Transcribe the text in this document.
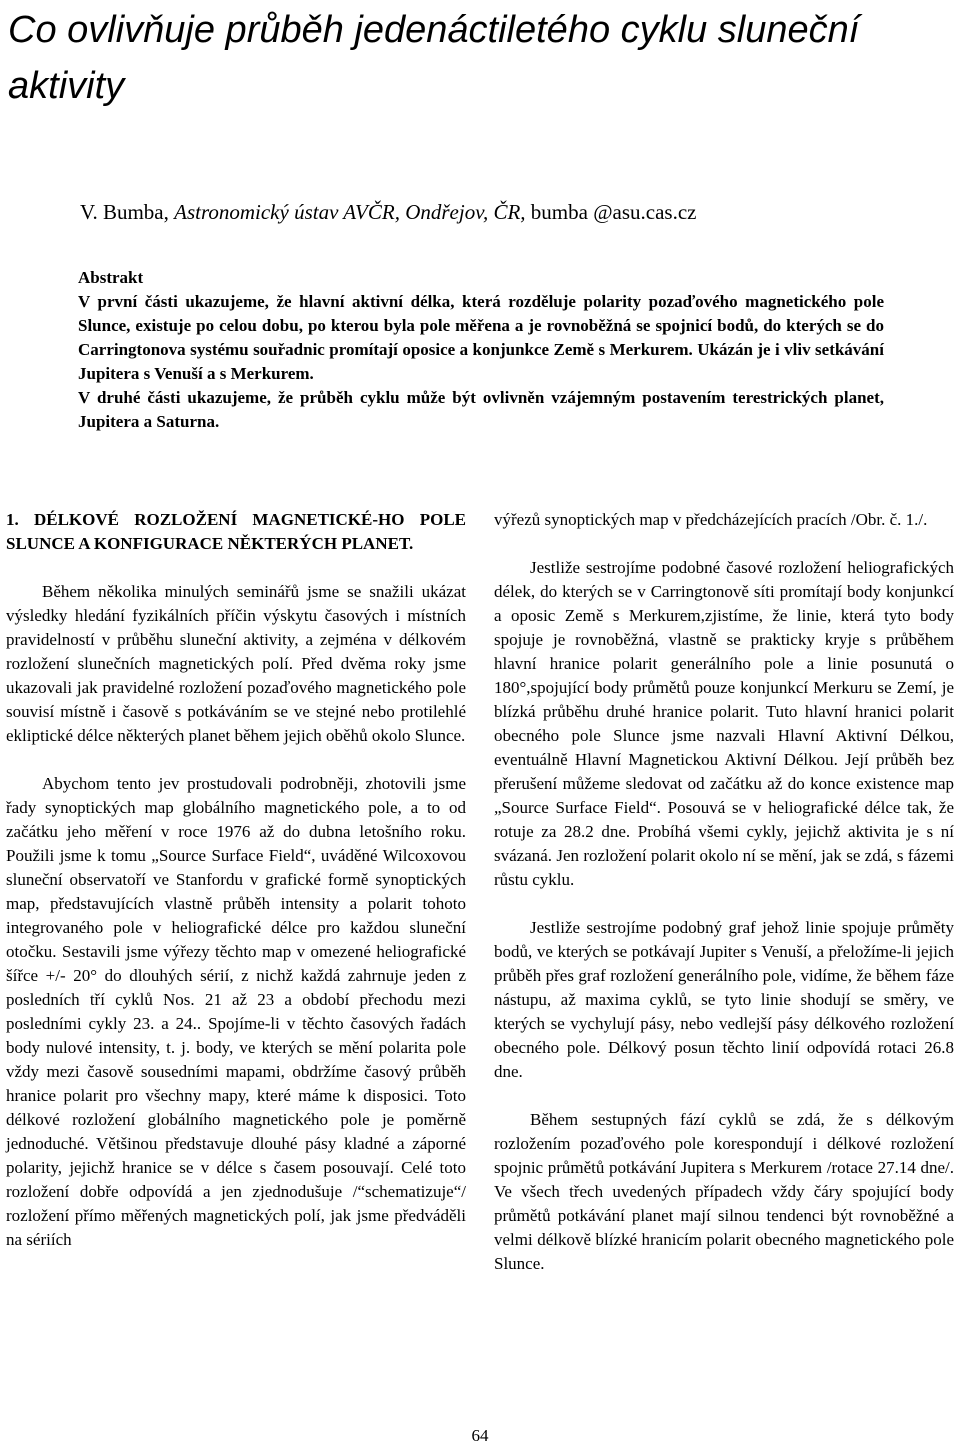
Co ovlivňuje průběh jedenáctiletého cyklu sluneční aktivity

V. Bumba, Astronomický ústav AVČR, Ondřejov, ČR, bumba @asu.cas.cz

Abstrakt

V první části ukazujeme, že hlavní aktivní délka, která rozděluje polarity pozaďového magnetického pole Slunce, existuje po celou dobu, po kterou byla pole měřena a je rovnoběžná se spojnicí bodů, do kterých se do Carringtonova systému souřadnic promítají oposice a konjunkce Země s Merkurem. Ukázán je i vliv setkávání Jupitera s Venuší a s Merkurem.

V druhé části ukazujeme, že průběh cyklu může být ovlivněn vzájemným postavením terestrických planet, Jupitera a Saturna.

1. DÉLKOVÉ ROZLOŽENÍ MAGNETICKÉ-HO POLE SLUNCE A KONFIGURACE NĚKTERÝCH PLANET.

Během několika minulých seminářů jsme se snažili ukázat výsledky hledání fyzikálních příčin výskytu časových i místních pravidelností v průběhu sluneční aktivity, a zejména v délkovém rozložení slunečních magnetických polí. Před dvěma roky jsme ukazovali jak pravidelné rozložení pozaďového magnetického pole souvisí místně i časově s potkáváním se ve stejné nebo protilehlé ekliptické délce některých planet během jejich oběhů okolo Slunce.

Abychom tento jev prostudovali podrobněji, zhotovili jsme řady synoptických map globálního magnetického pole, a to od začátku jeho měření v roce 1976 až do dubna letošního roku. Použili jsme k tomu „Source Surface Field“, uváděné Wilcoxovou sluneční observatoří ve Stanfordu v grafické formě synoptických map, představujících vlastně průběh intensity a polarit tohoto integrovaného pole v heliografické délce pro každou sluneční otočku. Sestavili jsme výřezy těchto map v omezené heliografické šířce +/- 20° do dlouhých sérií, z nichž každá zahrnuje jeden z posledních tří cyklů Nos. 21 až 23 a období přechodu mezi posledními cykly 23. a 24.. Spojíme-li v těchto časových řadách body nulové intensity, t. j. body, ve kterých se mění polarita pole vždy mezi časově sousedními mapami, obdržíme časový průběh hranice polarit pro všechny mapy, které máme k disposici. Toto délkové rozložení globálního magnetického pole je poměrně jednoduché. Většinou představuje dlouhé pásy kladné a záporné polarity, jejichž hranice se v délce s časem posouvají. Celé toto rozložení dobře odpovídá a jen zjednodušuje /“schematizuje“/ rozložení přímo měřených magnetických polí, jak jsme předváděli na sériích

výřezů synoptických map v předcházejících pracích /Obr. č. 1./.

Jestliže sestrojíme podobné časové rozložení heliografických délek, do kterých se v Carringtonově síti promítají body konjunkcí a oposic Země s Merkurem,zjistíme, že linie, která tyto body spojuje je rovnoběžná, vlastně se prakticky kryje s průběhem hlavní hranice polarit generálního pole a linie posunutá o 180°,spojující body průmětů pouze konjunkcí Merkuru se Zemí, je blízká průběhu druhé hranice polarit. Tuto hlavní hranici polarit obecného pole Slunce jsme nazvali Hlavní Aktivní Délkou, eventuálně Hlavní Magnetickou Aktivní Délkou. Její průběh bez přerušení můžeme sledovat od začátku až do konce existence map „Source Surface Field“. Posouvá se v heliografické délce tak, že rotuje za 28.2 dne. Probíhá všemi cykly, jejichž aktivita je s ní svázaná. Jen rozložení polarit okolo ní se mění, jak se zdá, s fázemi růstu cyklu.

Jestliže sestrojíme podobný graf jehož linie spojuje průměty bodů, ve kterých se potkávají Jupiter s Venuší, a přeložíme-li jejich průběh přes graf rozložení generálního pole, vidíme, že během fáze nástupu, až maxima cyklů, se tyto linie shodují se směry, ve kterých se vychylují pásy, nebo vedlejší pásy délkového rozložení obecného pole. Délkový posun těchto linií odpovídá rotaci 26.8 dne.

Během sestupných fází cyklů se zdá, že s délkovým rozložením pozaďového pole korespondují i délkové rozložení spojnic průmětů potkávání Jupitera s Merkurem /rotace 27.14 dne/. Ve všech třech uvedených případech vždy čáry spojující body průmětů potkávání planet mají silnou tendenci být rovnoběžné a velmi délkově blízké hranicím polarit obecného magnetického pole Slunce.

64
